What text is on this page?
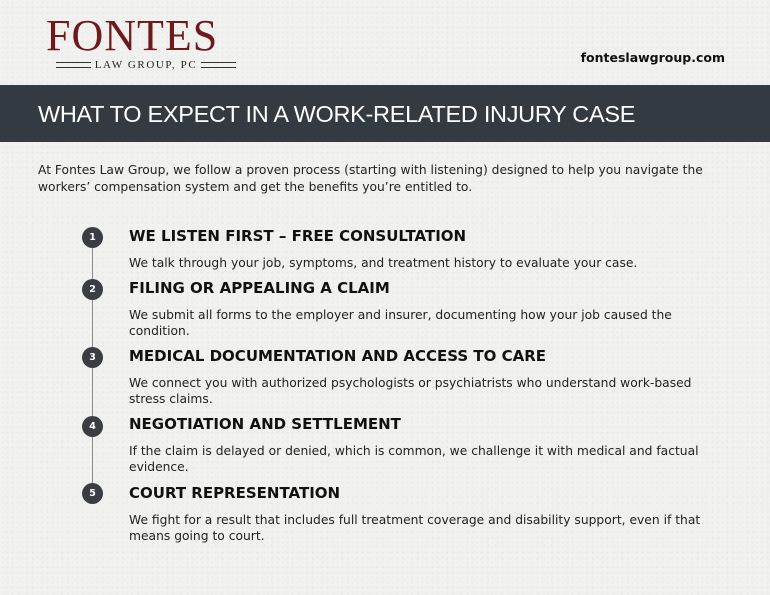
FONTES
LAW GROUP, PC	fonteslawgroup.com
WHAT TO EXPECT IN A WORK-RELATED INJURY CASE
At Fontes Law Group, we follow a proven process (starting with listening) designed to help you navigate the workers’ compensation system and get the benefits you’re entitled to.
1	WE LISTEN FIRST – FREE CONSULTATION
We talk through your job, symptoms, and treatment history to evaluate your case.
2	FILING OR APPEALING A CLAIM
We submit all forms to the employer and insurer, documenting how your job caused the condition.
3	MEDICAL DOCUMENTATION AND ACCESS TO CARE
We connect you with authorized psychologists or psychiatrists who understand work-based stress claims.
4	NEGOTIATION AND SETTLEMENT
If the claim is delayed or denied, which is common, we challenge it with medical and factual evidence.
5	COURT REPRESENTATION
We fight for a result that includes full treatment coverage and disability support, even if that means going to court.
